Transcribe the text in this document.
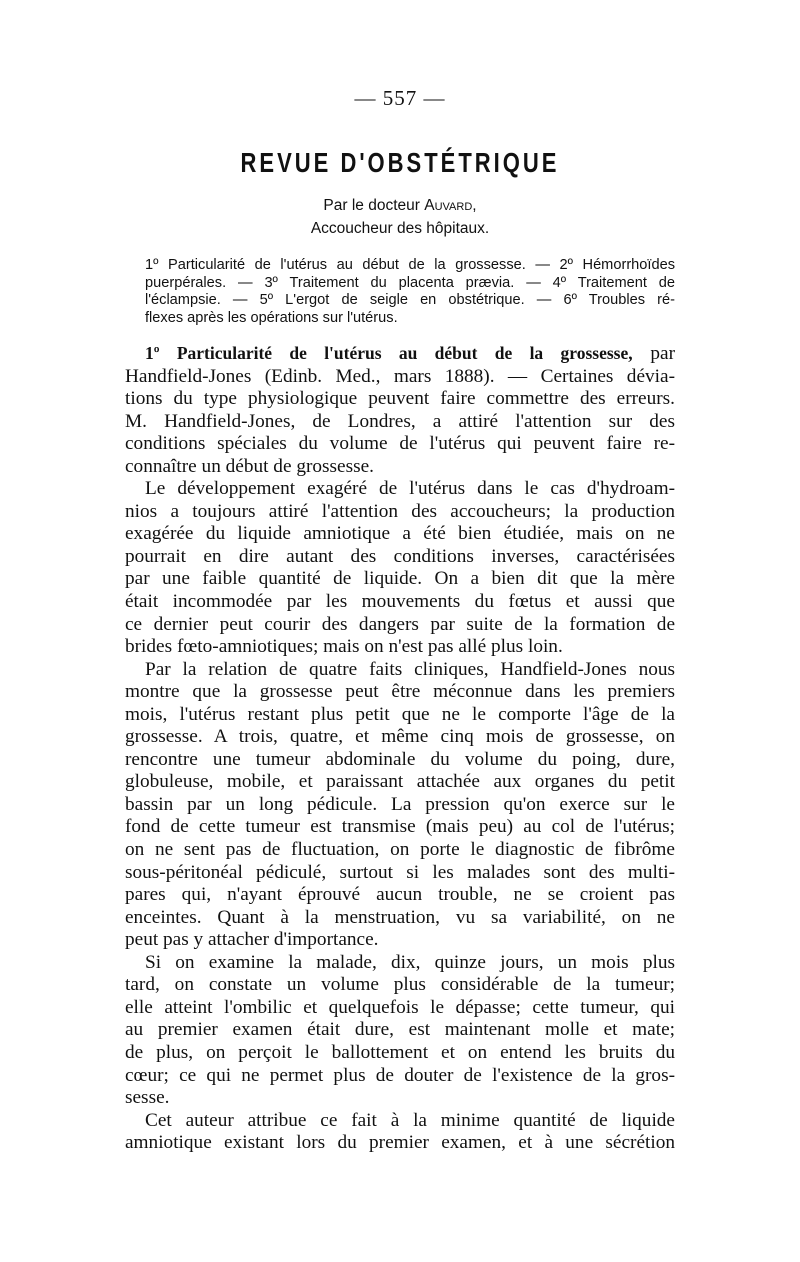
— 557 —
REVUE D'OBSTÉTRIQUE
Par le docteur Auvard,
Accoucheur des hôpitaux.
1º Particularité de l'utérus au début de la grossesse. — 2º Hémorrhoïdes
puerpérales. — 3º Traitement du placenta prævia. — 4º Traitement de
l'éclampsie. — 5º L'ergot de seigle en obstétrique. — 6º Troubles ré-
flexes après les opérations sur l'utérus.
1º Particularité de l'utérus au début de la grossesse, par
Handfield-Jones (Edinb. Med., mars 1888). — Certaines dévia-
tions du type physiologique peuvent faire commettre des erreurs.
M. Handfield-Jones, de Londres, a attiré l'attention sur des
conditions spéciales du volume de l'utérus qui peuvent faire re-
connaître un début de grossesse.
Le développement exagéré de l'utérus dans le cas d'hydroam-
nios a toujours attiré l'attention des accoucheurs; la production
exagérée du liquide amniotique a été bien étudiée, mais on ne
pourrait en dire autant des conditions inverses, caractérisées
par une faible quantité de liquide. On a bien dit que la mère
était incommodée par les mouvements du fœtus et aussi que
ce dernier peut courir des dangers par suite de la formation de
brides fœto-amniotiques; mais on n'est pas allé plus loin.
Par la relation de quatre faits cliniques, Handfield-Jones nous
montre que la grossesse peut être méconnue dans les premiers
mois, l'utérus restant plus petit que ne le comporte l'âge de la
grossesse. A trois, quatre, et même cinq mois de grossesse, on
rencontre une tumeur abdominale du volume du poing, dure,
globuleuse, mobile, et paraissant attachée aux organes du petit
bassin par un long pédicule. La pression qu'on exerce sur le
fond de cette tumeur est transmise (mais peu) au col de l'utérus;
on ne sent pas de fluctuation, on porte le diagnostic de fibrôme
sous-péritonéal pédiculé, surtout si les malades sont des multi-
pares qui, n'ayant éprouvé aucun trouble, ne se croient pas
enceintes. Quant à la menstruation, vu sa variabilité, on ne
peut pas y attacher d'importance.
Si on examine la malade, dix, quinze jours, un mois plus
tard, on constate un volume plus considérable de la tumeur;
elle atteint l'ombilic et quelquefois le dépasse; cette tumeur, qui
au premier examen était dure, est maintenant molle et mate;
de plus, on perçoit le ballottement et on entend les bruits du
cœur; ce qui ne permet plus de douter de l'existence de la gros-
sesse.
Cet auteur attribue ce fait à la minime quantité de liquide
amniotique existant lors du premier examen, et à une sécrétion
